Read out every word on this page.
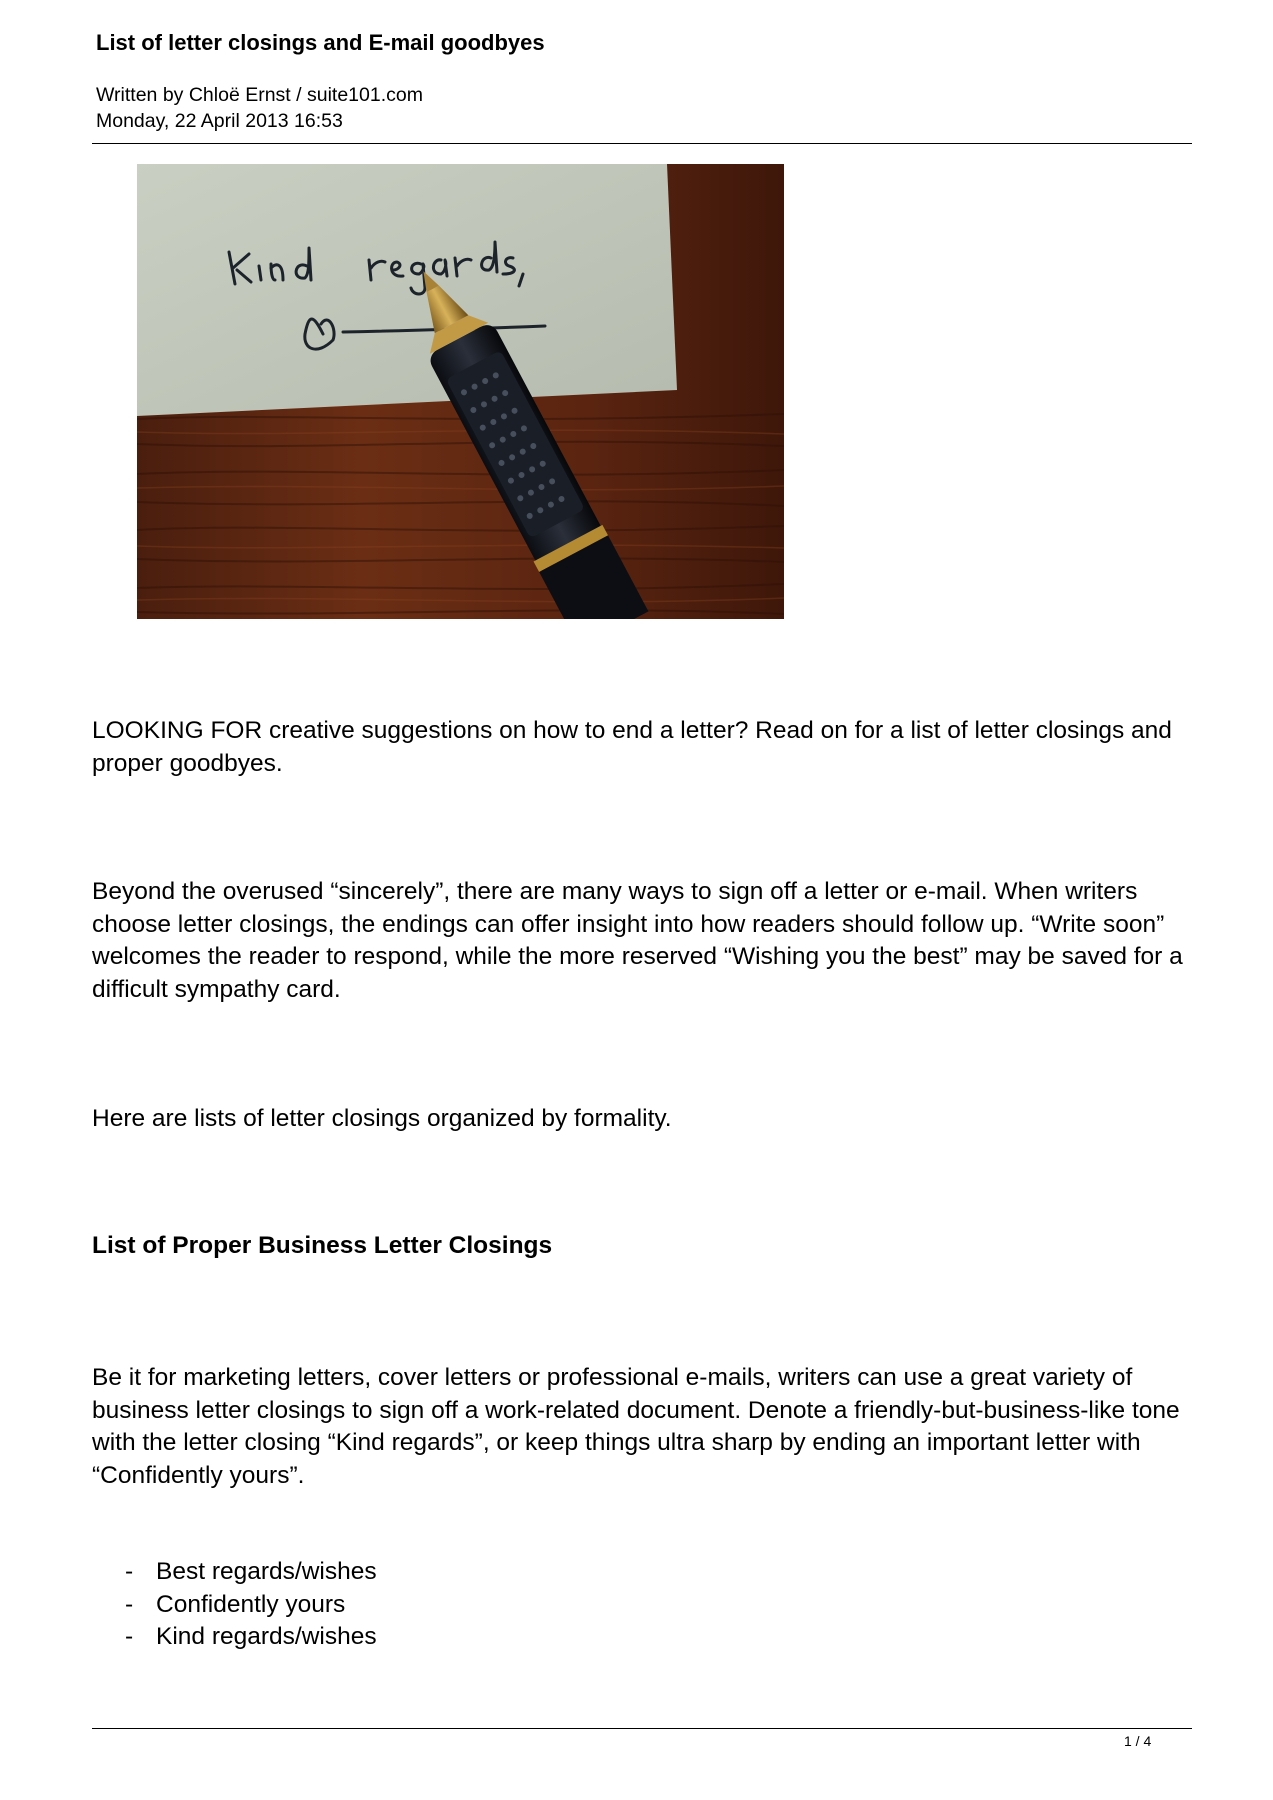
List of letter closings and E-mail goodbyes
Written by Chloë Ernst / suite101.com
Monday, 22 April 2013 16:53

LOOKING FOR creative suggestions on how to end a letter? Read on for a list of letter closings and proper goodbyes.

Beyond the overused “sincerely”, there are many ways to sign off a letter or e-mail. When writers choose letter closings, the endings can offer insight into how readers should follow up. “Write soon” welcomes the reader to respond, while the more reserved “Wishing you the best” may be saved for a difficult sympathy card.

Here are lists of letter closings organized by formality.

List of Proper Business Letter Closings

Be it for marketing letters, cover letters or professional e-mails, writers can use a great variety of business letter closings to sign off a work-related document. Denote a friendly-but-business-like tone with the letter closing “Kind regards”, or keep things ultra sharp by ending an important letter with “Confidently yours”.

- Best regards/wishes
- Confidently yours
- Kind regards/wishes
1 / 4
